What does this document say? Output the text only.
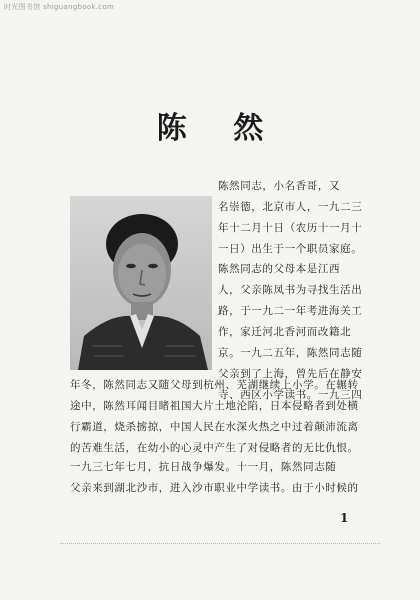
时光图书馆 shiguangbook.com
陈 然

陈然同志，小名香哥，又

名崇德，北京市人，一九二三

年十二月十日（农历十一月十

一日）出生于一个职员家庭。

陈然同志的父母本是江西

人，父亲陈凤书为寻找生活出

路，于一九二一年考进海关工

作，家迁河北香河而改籍北

京。一九二五年，陈然同志随

父亲到了上海，曾先后在静安

寺、西区小学读书。一九三四

年冬，陈然同志又随父母到杭州、芜湖继续上小学。在辗转

途中，陈然耳闻目睹祖国大片土地沦陷，日本侵略者到处横

行霸道，烧杀掳掠，中国人民在水深火热之中过着颠沛流离

的苦难生活，在幼小的心灵中产生了对侵略者的无比仇恨。

一九三七年七月，抗日战争爆发。十一月，陈然同志随

父亲来到湖北沙市，进入沙市职业中学读书。由于小时候的

1
